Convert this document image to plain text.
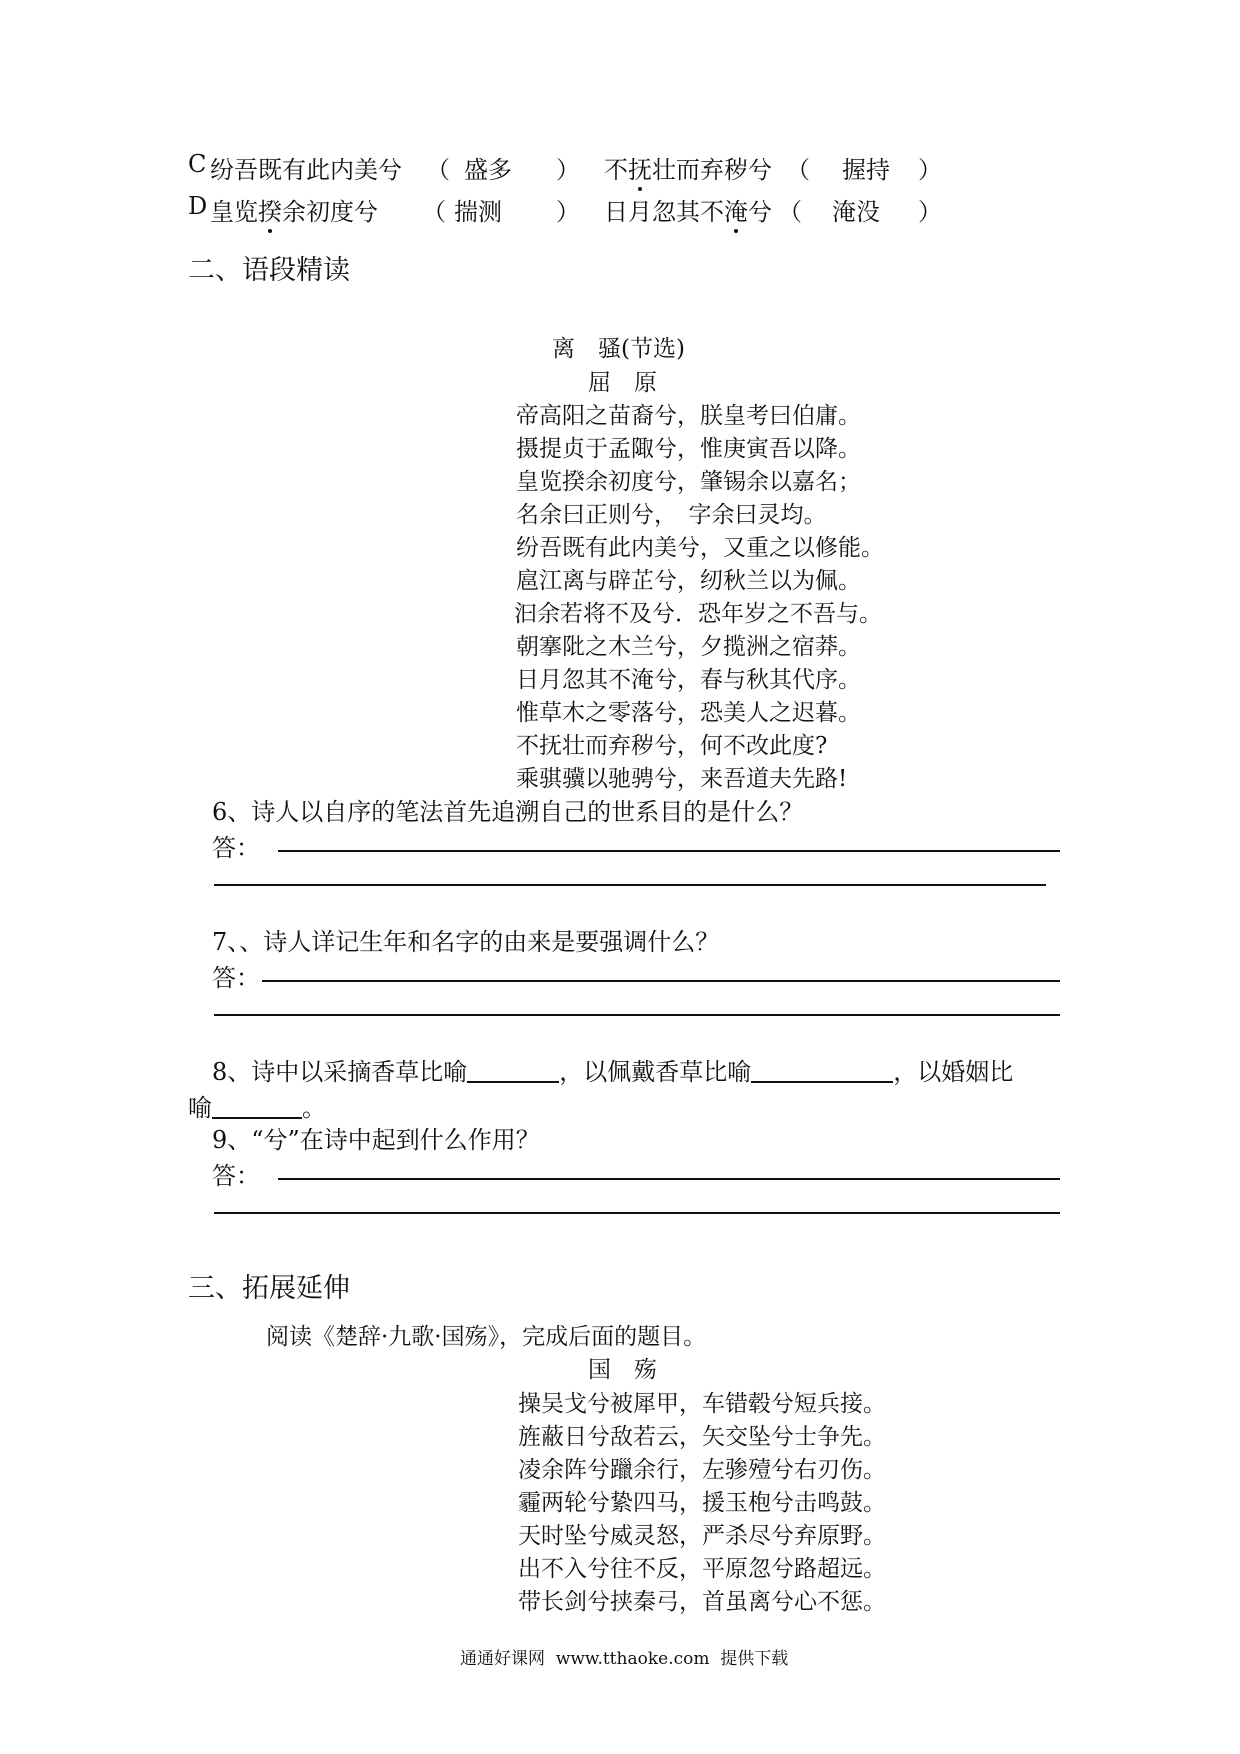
C 纷吾既有此内美兮 （ 盛多 ） 不抚壮而弃秽兮 （ 握持 ）
D 皇览揆余初度兮 （ 揣测 ） 日月忽其不淹兮 （ 淹没 ）
二、语段精读
离　骚(节选)
屈　原
帝高阳之苗裔兮，朕皇考曰伯庸。
摄提贞于孟陬兮，惟庚寅吾以降。
皇览揆余初度兮，肇锡余以嘉名；
名余曰正则兮，　字余曰灵均。
纷吾既有此内美兮，又重之以修能。
扈江离与辟芷兮，纫秋兰以为佩。
汩余若将不及兮．恐年岁之不吾与。
朝搴阰之木兰兮，夕揽洲之宿莽。
日月忽其不淹兮，春与秋其代序。
惟草木之零落兮，恐美人之迟暮。
不抚壮而弃秽兮，何不改此度?
乘骐骥以驰骋兮，来吾道夫先路!
6、诗人以自序的笔法首先追溯自己的世系目的是什么？
答：
7、、诗人详记生年和名字的由来是要强调什么？
答：
8、诗中以采摘香草比喻	，以佩戴香草比喻	，以婚姻比
喻	。
9、“兮”在诗中起到什么作用？
答：
三、拓展延伸
阅读《楚辞·九歌·国殇》，完成后面的题目。
国　殇
操吴戈兮被犀甲，车错毂兮短兵接。
旌蔽日兮敌若云，矢交坠兮士争先。
凌余阵兮躐余行，左骖殪兮右刃伤。
霾两轮兮絷四马，援玉枹兮击鸣鼓。
天时坠兮威灵怒，严杀尽兮弃原野。
出不入兮往不反，平原忽兮路超远。
带长剑兮挟秦弓，首虽离兮心不惩。
通通好课网 www.tthaoke.com 提供下载
